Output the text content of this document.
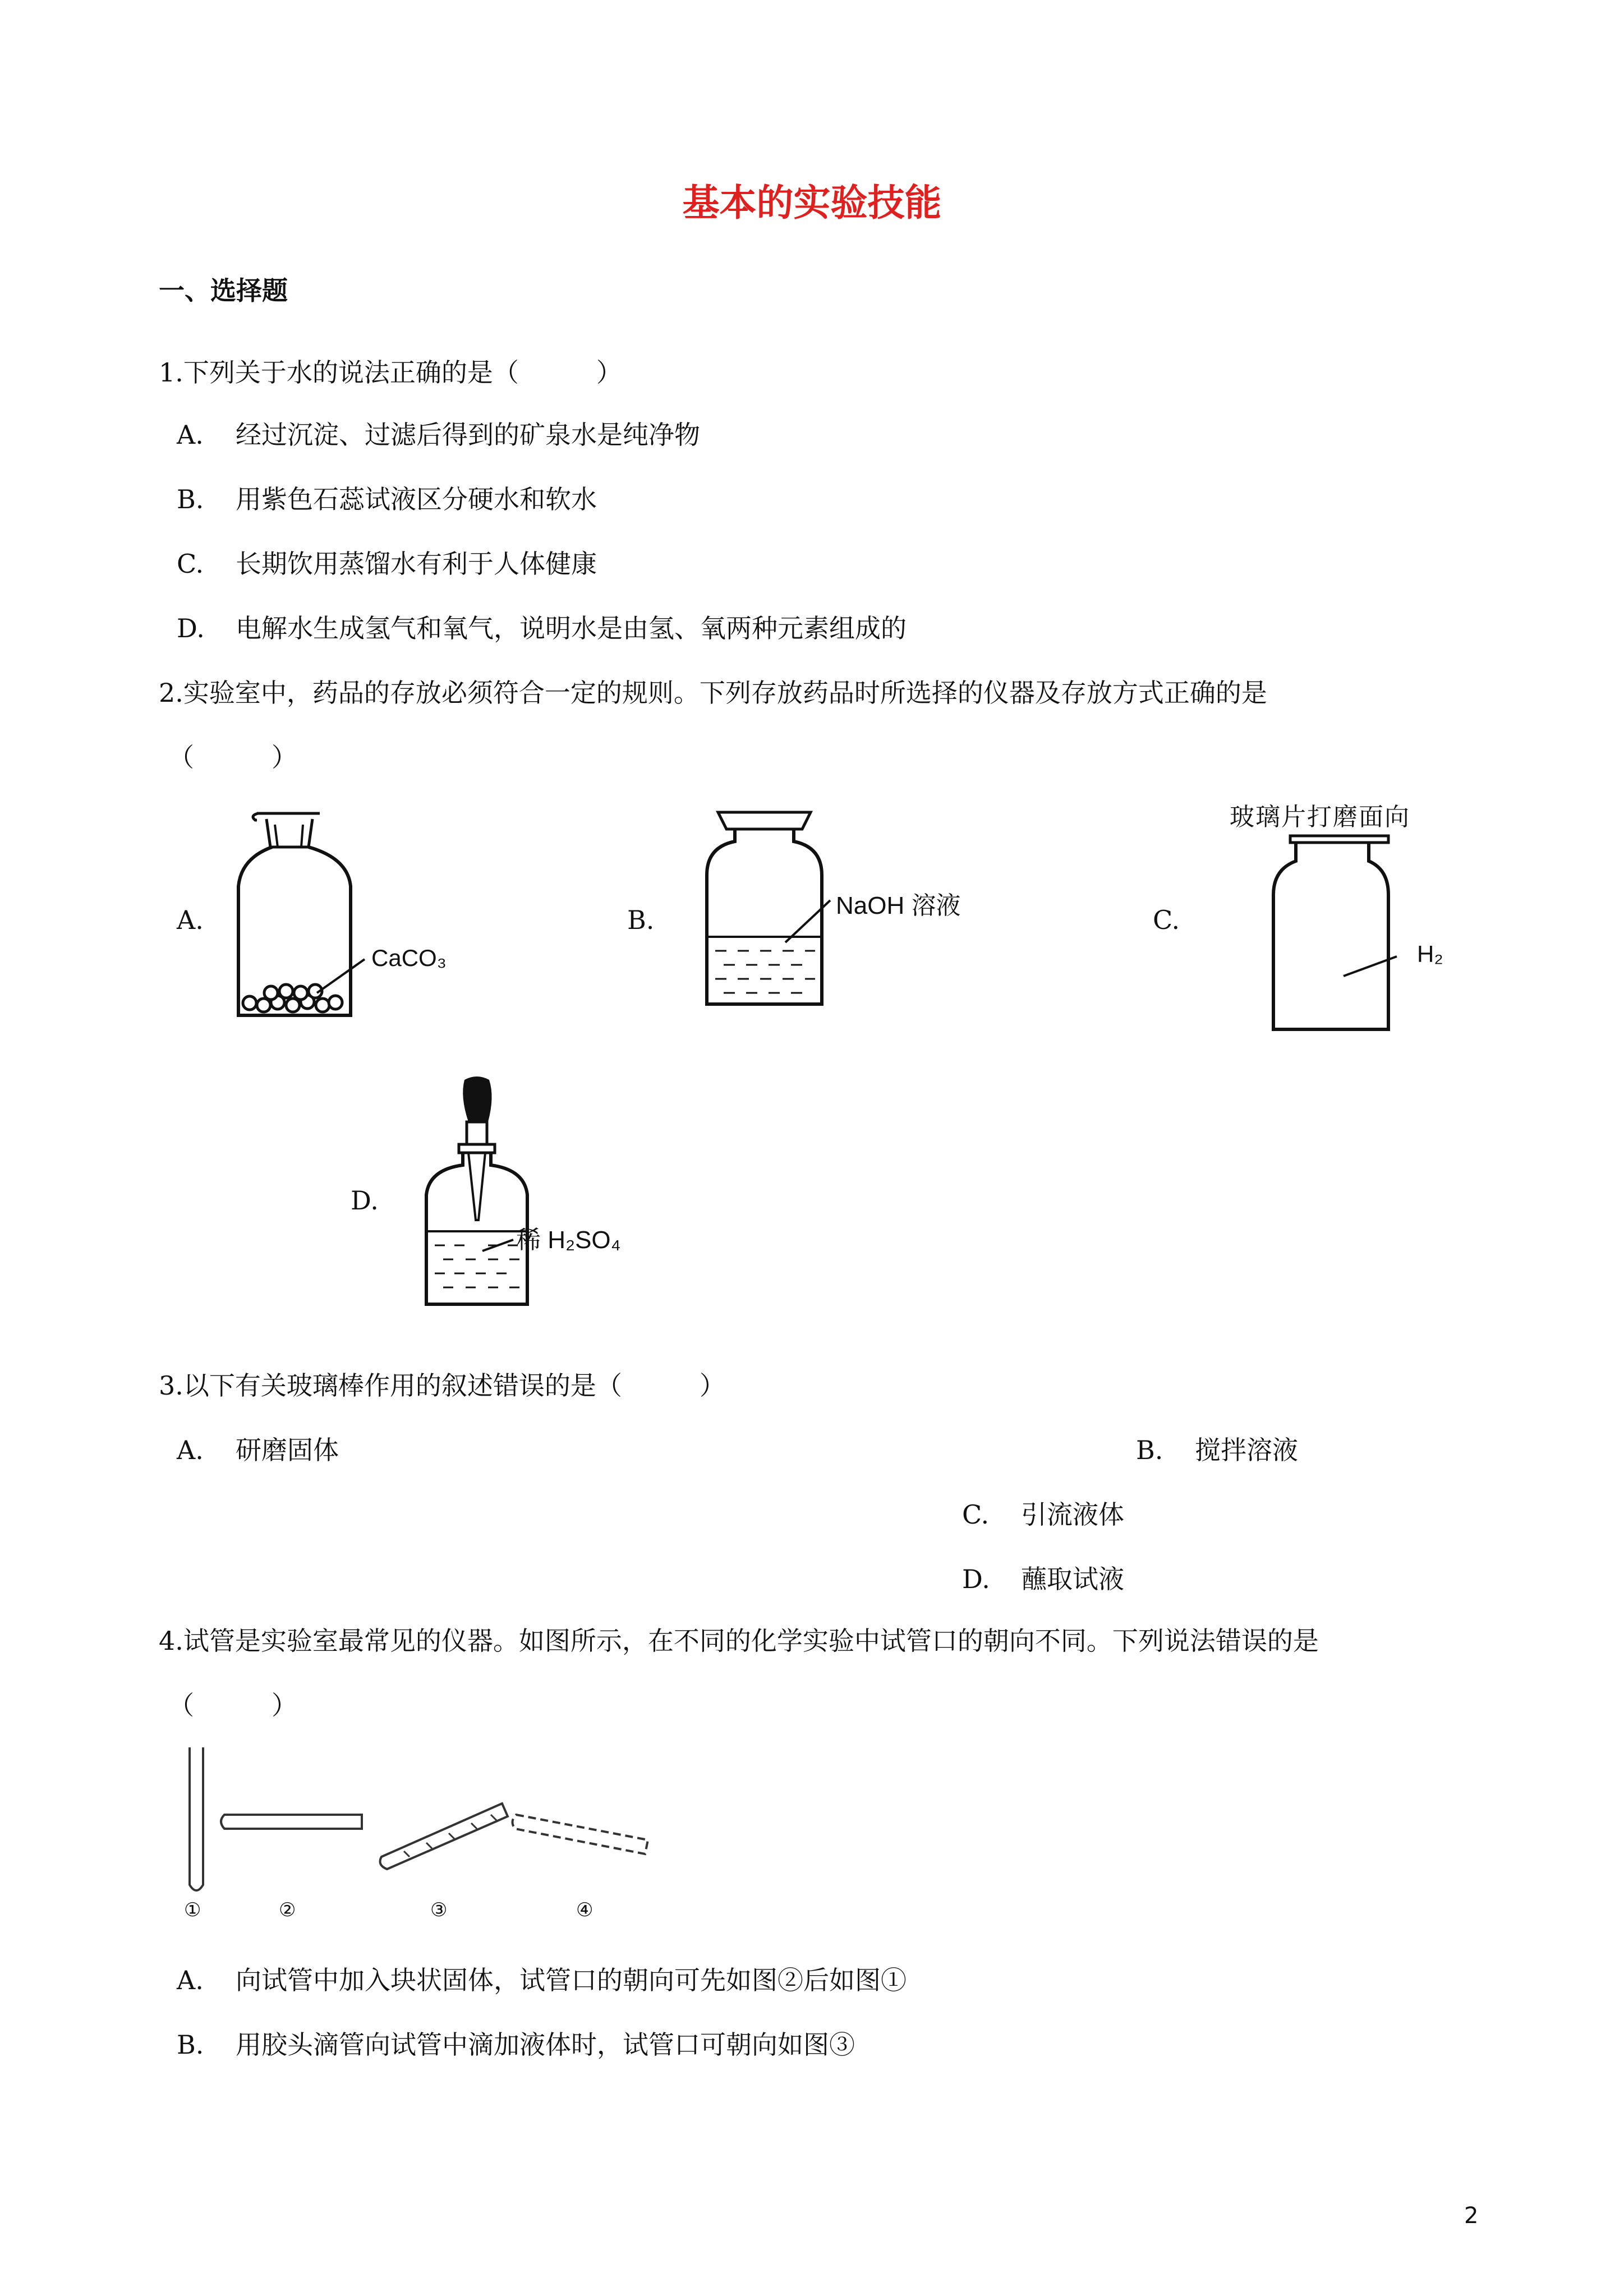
基本的实验技能
一、选择题
1.下列关于水的说法正确的是（　　　）
A. 经过沉淀、过滤后得到的矿泉水是纯净物
B. 用紫色石蕊试液区分硬水和软水
C. 长期饮用蒸馏水有利于人体健康
D. 电解水生成氢气和氧气，说明水是由氢、氧两种元素组成的
2.实验室中，药品的存放必须符合一定的规则。下列存放药品时所选择的仪器及存放方式正确的是
（　　　）
A.
CaCO₃
B.	NaOH 溶液
玻璃片打磨面向
C.
H₂
D.
稀 H₂SO₄
3.以下有关玻璃棒作用的叙述错误的是（　　　）
A. 研磨固体	B. 搅拌溶液
C. 引流液体
D. 蘸取试液
4.试管是实验室最常见的仪器。如图所示，在不同的化学实验中试管口的朝向不同。下列说法错误的是
（　　　）
①	②	③	④
A. 向试管中加入块状固体，试管口的朝向可先如图②后如图①
B. 用胶头滴管向试管中滴加液体时，试管口可朝向如图③
2
